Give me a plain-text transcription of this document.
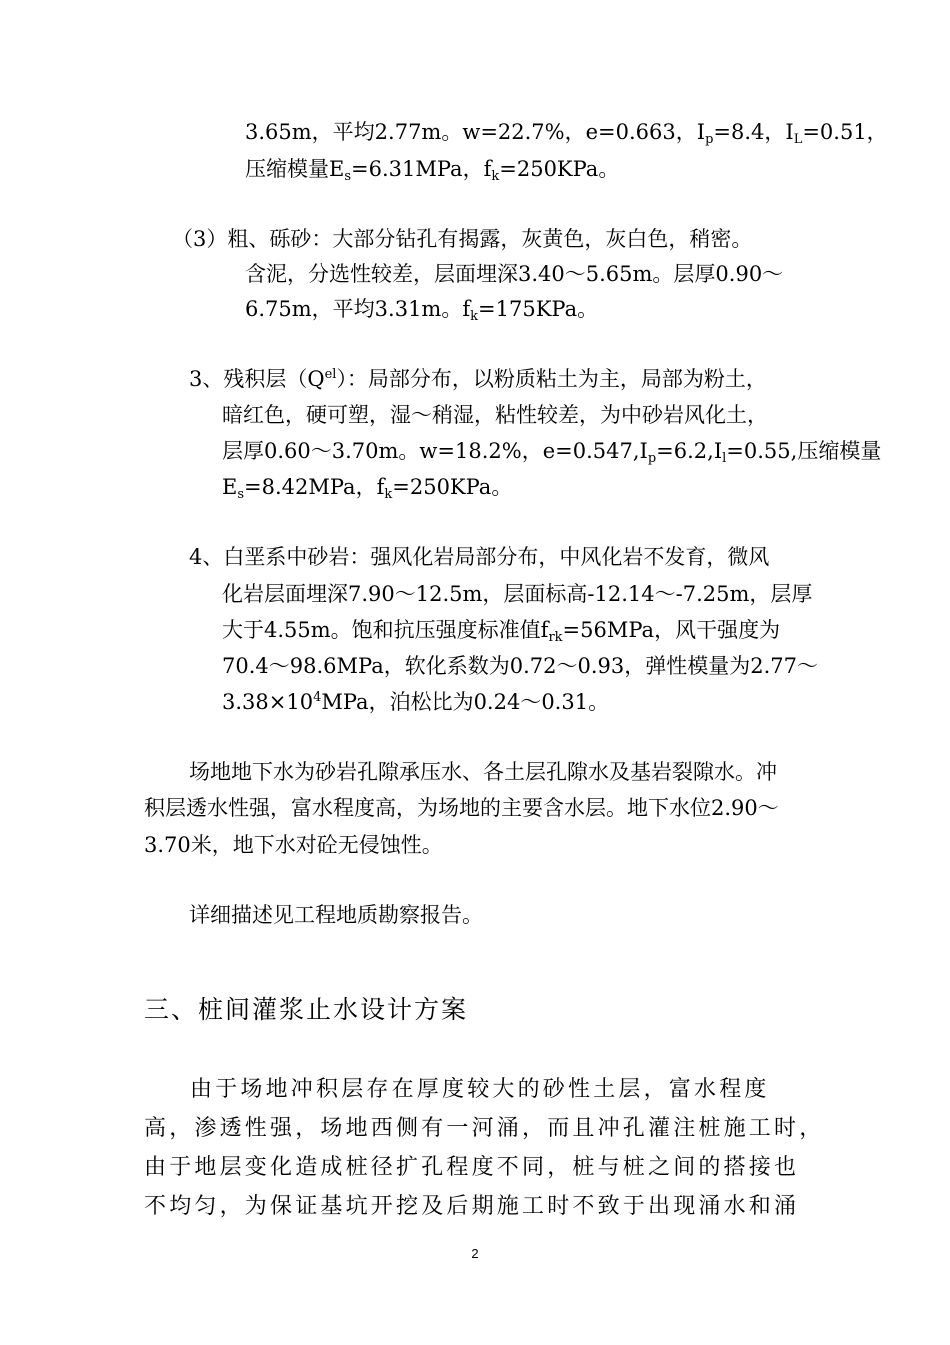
3.65m，平均2.77m。w=22.7%，e=0.663，$I_p=8.4$，$I_L=0.51$，
压缩模量$E_s=6.31MPa$，$f_k=250KPa$。
（3）粗、砾砂：大部分钻孔有揭露，灰黄色，灰白色，稍密。
含泥，分选性较差，层面埋深3.40～5.65m。层厚0.90～
6.75m，平均3.31m。$f_k=175KPa$。
3、残积层$(Q^{el})$：局部分布，以粉质粘土为主，局部为粉土，
暗红色，硬可塑，湿～稍湿，粘性较差，为中砂岩风化土，
层厚0.60～3.70m。w=18.2%，$e=0.547,I_p=6.2,I_l=0.55$,压缩模量
$E_s=8.42MPa$，$f_k=250KPa$。
4、白垩系中砂岩：强风化岩局部分布，中风化岩不发育，微风
化岩层面埋深7.90～12.5m，层面标高-12.14～-7.25m，层厚
大于4.55m。饱和抗压强度标准值$f_{rk}=56MPa$，风干强度为
70.4～98.6MPa，软化系数为0.72～0.93，弹性模量为2.77～
$3.38\times 10^4MPa$，泊松比为0.24～0.31。
场地地下水为砂岩孔隙承压水、各土层孔隙水及基岩裂隙水。冲
积层透水性强，富水程度高，为场地的主要含水层。地下水位2.90～
3.70米，地下水对砼无侵蚀性。
详细描述见工程地质勘察报告。
三、桩间灌浆止水设计方案
由于场地冲积层存在厚度较大的砂性土层，富水程度
高，渗透性强，场地西侧有一河涌，而且冲孔灌注桩施工时，
由于地层变化造成桩径扩孔程度不同，桩与桩之间的搭接也
不均匀，为保证基坑开挖及后期施工时不致于出现涌水和涌
2
